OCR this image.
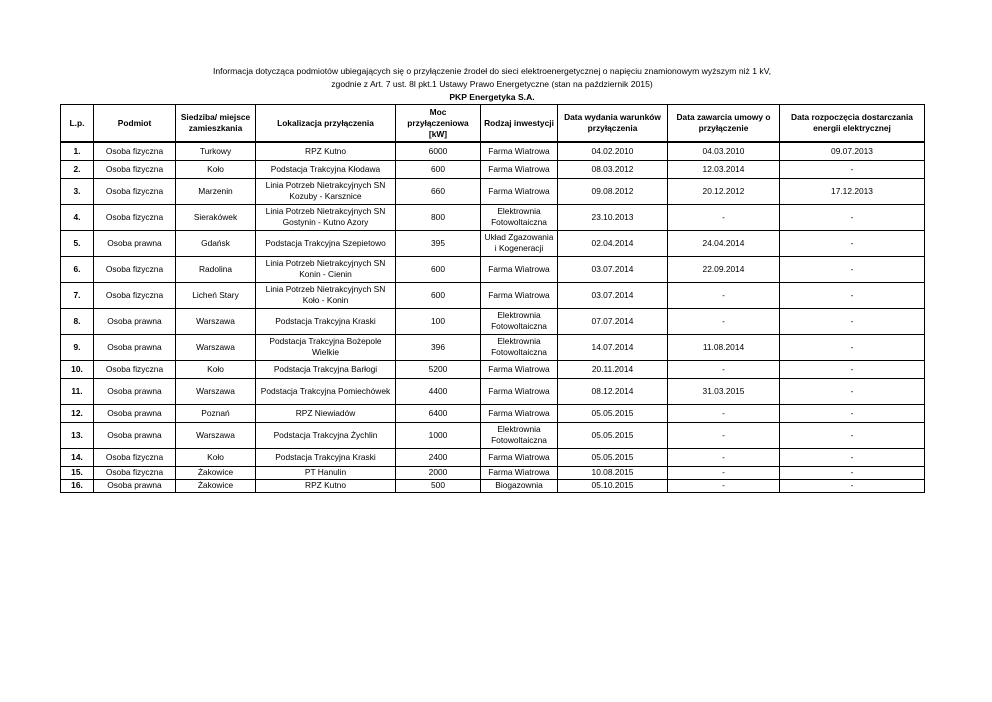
Informacja dotycząca podmiotów ubiegających się o przyłączenie źrodeł do sieci elektroenergetycznej o napięciu znamionowym wyższym niż 1 kV,
zgodnie z Art. 7 ust. 8l pkt.1 Ustawy Prawo Energetyczne (stan na październik 2015)
PKP Energetyka S.A.
L.p.	Podmiot	Siedziba/ miejsce zamieszkania	Lokalizacja przyłączenia	Moc przyłączeniowa [kW]	Rodzaj inwestycji	Data wydania warunków przyłączenia	Data zawarcia umowy o przyłączenie	Data rozpoczęcia dostarczania energii elektrycznej
1.	Osoba fizyczna	Turkowy	RPZ Kutno	6000	Farma Wiatrowa	04.02.2010	04.03.2010	09.07.2013
2.	Osoba fizyczna	Koło	Podstacja Trakcyjna Kłodawa	600	Farma Wiatrowa	08.03.2012	12.03.2014	-
3.	Osoba fizyczna	Marzenin	Linia Potrzeb Nietrakcyjnych SN Kozuby - Karsznice	660	Farma Wiatrowa	09.08.2012	20.12.2012	17.12.2013
4.	Osoba fizyczna	Sieraków​ek	Linia Potrzeb Nietrakcyjnych SN Gostynin - Kutno Azory	800	Elektrownia Fotowoltaiczna	23.10.2013	-	-
5.	Osoba prawna	Gdańsk	Podstacja Trakcyjna Szepietowo	395	Układ Zgazowania i Kogeneracji	02.04.2014	24.04.2014	-
6.	Osoba fizyczna	Radolina	Linia Potrzeb Nietrakcyjnych SN Konin - Cienin	600	Farma Wiatrowa	03.07.2014	22.09.2014	-
7.	Osoba fizyczna	Licheń Stary	Linia Potrzeb Nietrakcyjnych SN Koło - Konin	600	Farma Wiatrowa	03.07.2014	-	-
8.	Osoba prawna	Warszawa	Podstacja Trakcyjna Kraski	100	Elektrownia Fotowoltaiczna	07.07.2014	-	-
9.	Osoba prawna	Warszawa	Podstacja Trakcyjna Bożepole Wielkie	396	Elektrownia Fotowoltaiczna	14.07.2014	11.08.2014	-
10.	Osoba fizyczna	Koło	Podstacja Trakcyjna Barłogi	5200	Farma Wiatrowa	20.11.2014	-	-
11.	Osoba prawna	Warszawa	Podstacja Trakcyjna Pomiechówek	4400	Farma Wiatrowa	08.12.2014	31.03.2015	-
12.	Osoba prawna	Poznań	RPZ Niewiadów	6400	Farma Wiatrowa	05.05.2015	-	-
13.	Osoba prawna	Warszawa	Podstacja Trakcyjna Żychlin	1000	Elektrownia Fotowoltaiczna	05.05.2015	-	-
14.	Osoba fizyczna	Koło	Podstacja Trakcyjna Kraski	2400	Farma Wiatrowa	05.05.2015	-	-
15.	Osoba fizyczna	Żakowice	PT Hanulin	2000	Farma Wiatrowa	10.08.2015	-	-
16.	Osoba prawna	Żakowice	RPZ Kutno	500	Biogazownia	05.10.2015	-	-
